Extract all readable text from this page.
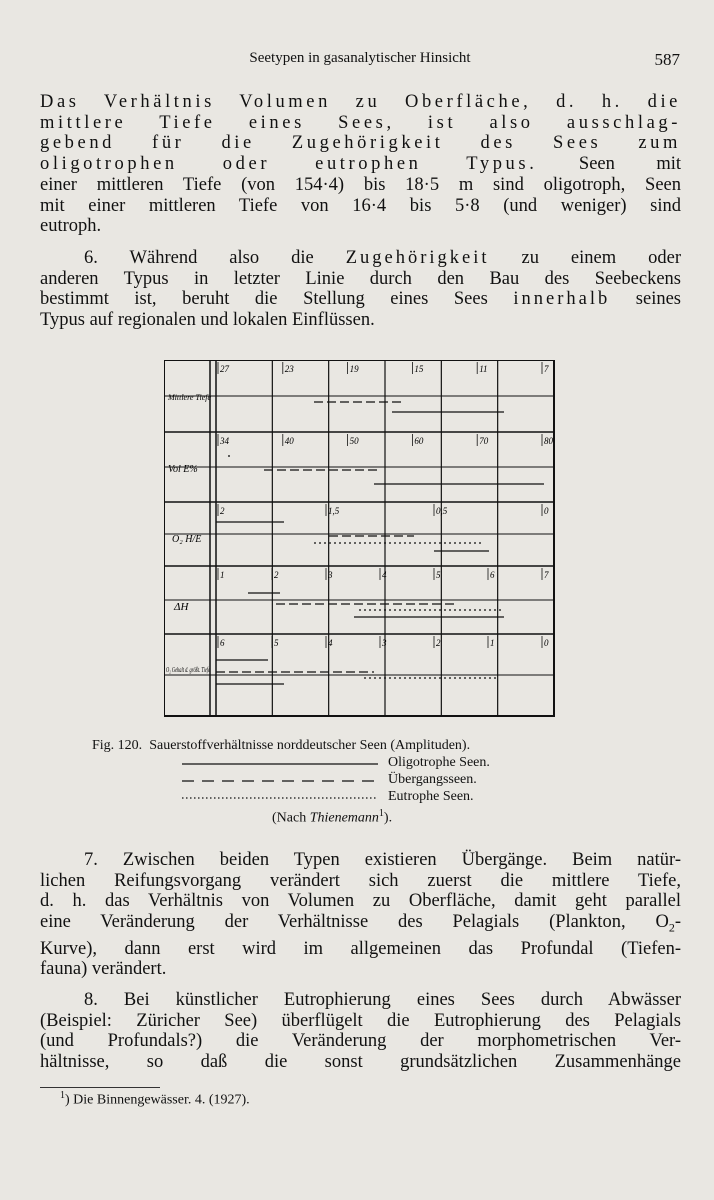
Seetypen in gasanalytischer Hinsicht	587

Das Verhältnis Volumen zu Oberfläche, d. h. die

mittlere Tiefe eines Sees, ist also ausschlag-

gebend für die Zugehörigkeit des Sees zum

oligotrophen oder eutrophen Typus. Seen mit

einer mittleren Tiefe (von 154·4) bis 18·5 m sind oligotroph, Seen

mit einer mittleren Tiefe von 16·4 bis 5·8 (und weniger) sind

eutroph.

6. Während also die Zugehörigkeit zu einem oder

anderen Typus in letzter Linie durch den Bau des Seebeckens

bestimmt ist, beruht die Stellung eines Sees innerhalb seines

Typus auf regionalen und lokalen Einflüssen.

Mittlere Tiefe
Vol E%
O₂ H/E
ΔH
O₂ Gehalt d. größt. Tiefe
27	23	19	15	11	7
34	40	50	60	70	80
2	1,5	0,5	0
1	2	3	4	5	6	7
6	5	4	3	2	1	0
Fig. 120. Sauerstoffverhältnisse norddeutscher Seen (Amplituden).
Oligotrophe Seen.
Übergangsseen.
Eutrophe Seen.
(Nach Thienemann$^1$).

7. Zwischen beiden Typen existieren Übergänge. Beim natür-

lichen Reifungsvorgang verändert sich zuerst die mittlere Tiefe,

d. h. das Verhältnis von Volumen zu Oberfläche, damit geht parallel

eine Veränderung der Verhältnisse des Pelagials (Plankton, $O_2-$

Kurve), dann erst wird im allgemeinen das Profundal (Tiefen-

fauna) verändert.

8. Bei künstlicher Eutrophierung eines Sees durch Abwässer

(Beispiel: Züricher See) überflügelt die Eutrophierung des Pelagials

(und Profundals?) die Veränderung der morphometrischen Ver-

hältnisse, so daß die sonst grundsätzlichen Zusammenhänge

$^1$) Die Binnengewässer. 4. (1927).
